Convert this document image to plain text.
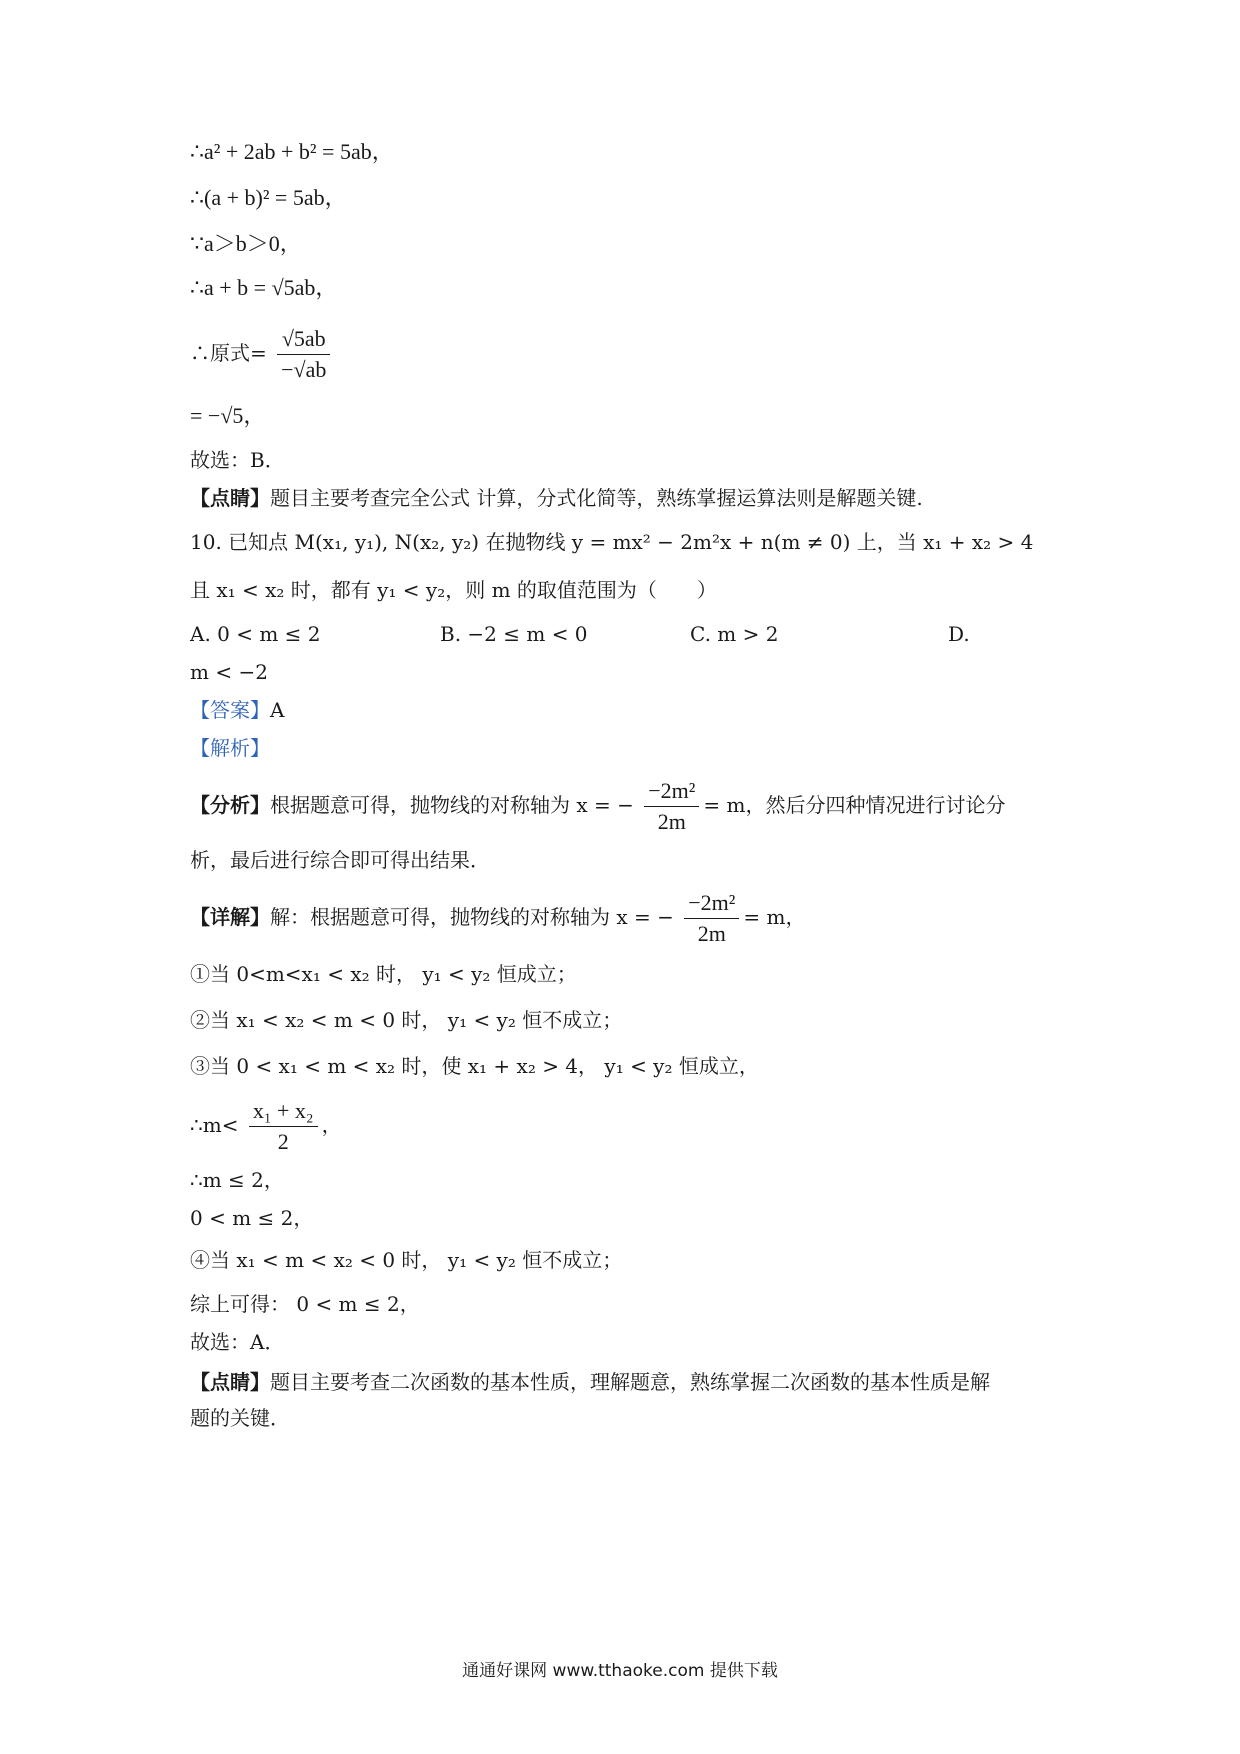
∴a² + 2ab + b² = 5ab，
∴(a + b)² = 5ab，
∵a＞b＞0，
∴a + b = √5ab，
∴原式= $\frac{√5ab}{-√ab}$
= −√5，
故选：B．
【点睛】题目主要考查完全公式 计算，分式化简等，熟练掌握运算法则是解题关键.
10. 已知点 M(x₁, y₁), N(x₂, y₂) 在抛物线 y = mx² − 2m²x + n(m ≠ 0) 上，当 x₁ + x₂ > 4
且 x₁ < x₂ 时，都有 y₁ < y₂，则 m 的取值范围为（　　）
A. 0 < m ≤ 2	B. −2 ≤ m < 0	C. m > 2	D.
m < −2
【答案】A
【解析】
【分析】根据题意可得，抛物线的对称轴为 x = − $\frac{\text{−2m²}}{2m} = m$，然后分四种情况进行讨论分
析，最后进行综合即可得出结果．
【详解】解：根据题意可得，抛物线的对称轴为 x = − $\frac{\text{−2m²}}{2m} = m$，
①当 0<m<x₁ < x₂ 时， y₁ < y₂ 恒成立；
②当 x₁ < x₂ < m < 0 时， y₁ < y₂ 恒不成立；
③当 0 < x₁ < m < x₂ 时，使 x₁ + x₂ > 4， y₁ < y₂ 恒成立，
∴m< $\frac{\text{x₁ + x₂}}{2}$ ，
∴m ≤ 2，
0 < m ≤ 2，
④当 x₁ < m < x₂ < 0 时， y₁ < y₂ 恒不成立；
综上可得： 0 < m ≤ 2，
故选：A．
【点睛】题目主要考查二次函数的基本性质，理解题意，熟练掌握二次函数的基本性质是解
题的关键．
通通好课网 www.tthaoke.com 提供下载
